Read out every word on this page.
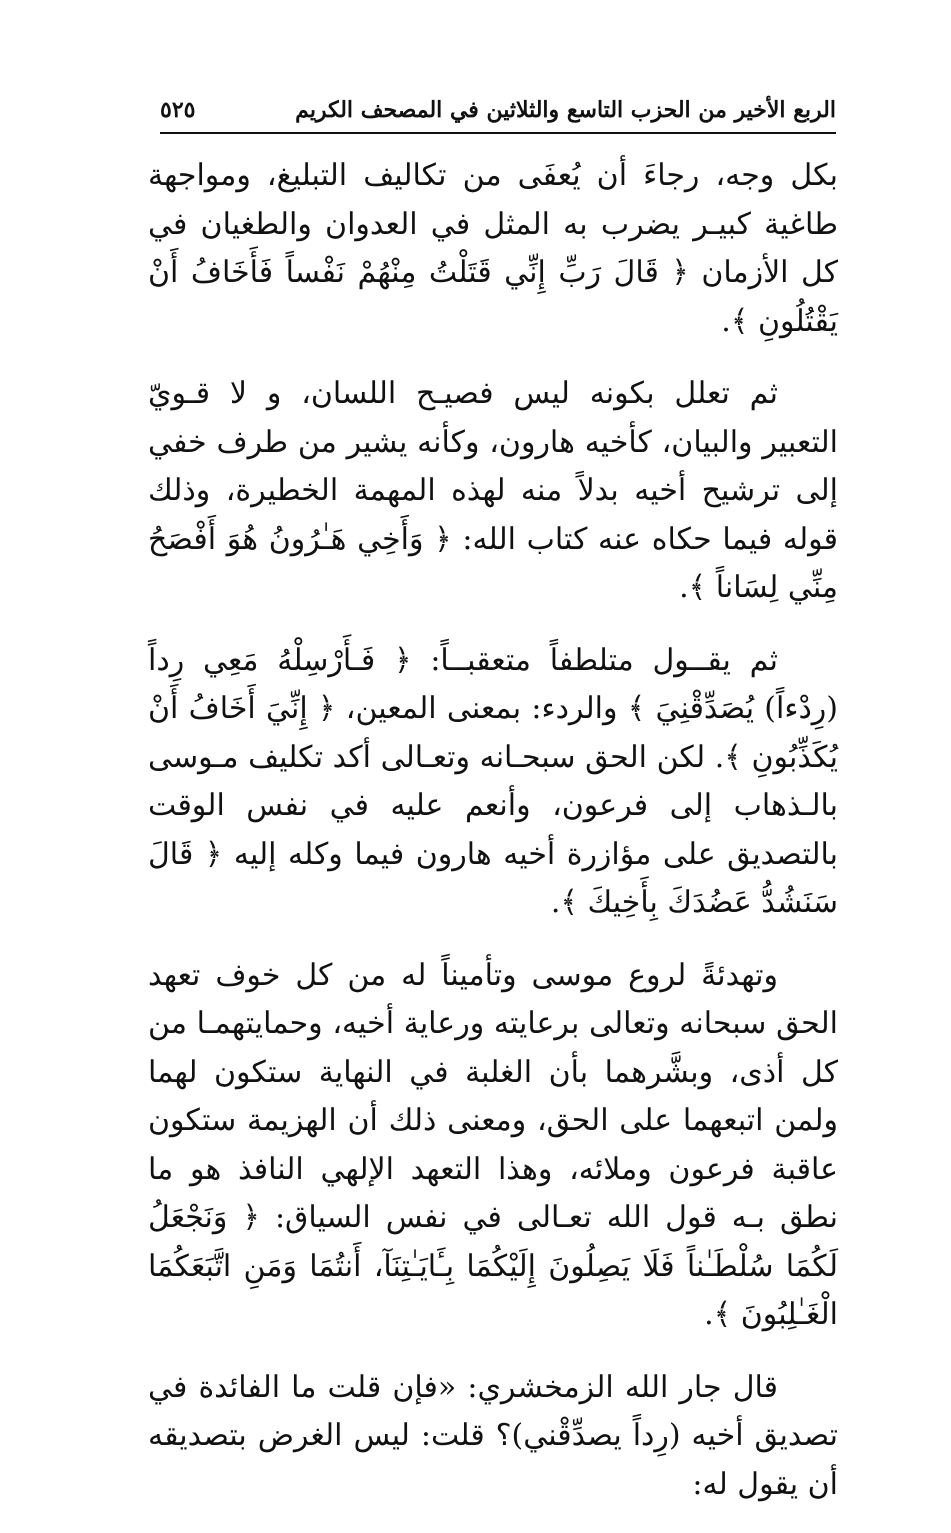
الربع الأخير من الحزب التاسع والثلاثين في المصحف الكريم
٥٢٥

بكل وجه، رجاءَ أن يُعفَى من تكاليف التبليغ، ومواجهة طاغية كبيـر يضرب به المثل في العدوان والطغيان في كل الأزمان ﴿ قَالَ رَبِّ إِنِّي قَتَلْتُ مِنْهُمْ نَفْساً فَأَخَافُ أَنْ يَقْتُلُونِ ﴾.

ثم تعلل بكونه ليس فصيـح اللسان، و لا قـويّ التعبير والبيان، كأخيه هارون، وكأنه يشير من طرف خفي إلى ترشيح أخيه بدلاً منه لهذه المهمة الخطيرة، وذلك قوله فيما حكاه عنه كتاب الله: ﴿ وَأَخِي هَـٰرُونُ هُوَ أَفْصَحُ مِنِّي لِسَاناً ﴾.

ثم يقــول متلطفاً متعقبــاً: ﴿ فَـأَرْسِلْهُ مَعِي رِداً (رِدْءاً) يُصَدِّقْنِيَ ﴾ والردء: بمعنى المعين، ﴿ إِنِّيَ أَخَافُ أَنْ يُكَذِّبُونِ ﴾. لكن الحق سبحـانه وتعـالى أكد تكليف مـوسى بالـذهاب إلى فرعون، وأنعم عليه في نفس الوقت بالتصديق على مؤازرة أخيه هارون فيما وكله إليه ﴿ قَالَ سَنَشُدُّ عَضُدَكَ بِأَخِيكَ ﴾.

وتهدئةً لروع موسى وتأميناً له من كل خوف تعهد الحق سبحانه وتعالى برعايته ورعاية أخيه، وحمايتهمـا من كل أذى، وبشَّرهما بأن الغلبة في النهاية ستكون لهما ولمن اتبعهما على الحق، ومعنى ذلك أن الهزيمة ستكون عاقبة فرعون وملائه، وهذا التعهد الإلهي النافذ هو ما نطق بـه قول الله تعـالى في نفس السياق: ﴿ وَنَجْعَلُ لَكُمَا سُلْطَـٰناً فَلَا يَصِلُونَ إِلَيْكُمَا بِـَٔايَـٰتِنَآ، أَنتُمَا وَمَنِ اتَّبَعَكُمَا الْغَـٰلِبُونَ ﴾.

قال جار الله الزمخشري: «فإن قلت ما الفائدة في تصديق أخيه (رِداً يصدِّقْني)؟ قلت: ليس الغرض بتصديقه أن يقول له:
